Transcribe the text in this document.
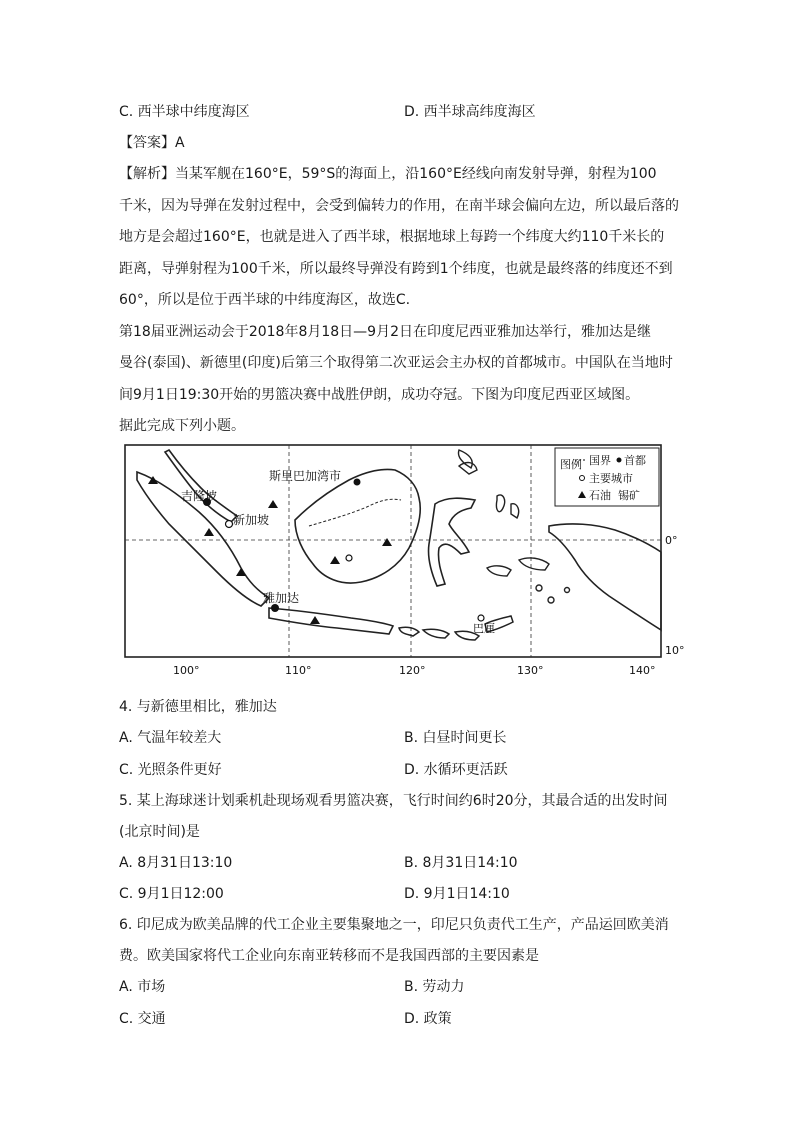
C. 西半球中纬度海区	D. 西半球高纬度海区
【答案】A
【解析】当某军舰在160°E，59°S的海面上，沿160°E经线向南发射导弹，射程为100
千米，因为导弹在发射过程中，会受到偏转力的作用，在南半球会偏向左边，所以最后落的
地方是会超过160°E，也就是进入了西半球，根据地球上每跨一个纬度大约110千米长的
距离，导弹射程为100千米，所以最终导弹没有跨到1个纬度，也就是最终落的纬度还不到
60°，所以是位于西半球的中纬度海区，故选C.
第18届亚洲运动会于2018年8月18日—9月2日在印度尼西亚雅加达举行，雅加达是继
曼谷(泰国)、新德里(印度)后第三个取得第二次亚运会主办权的首都城市。中国队在当地时
间9月1日19:30开始的男篮决赛中战胜伊朗，成功夺冠。下图为印度尼西亚区域图。
据此完成下列小题。
吉隆坡
新加坡
斯里巴加湾市
雅加达
巴厘
图例 国界 首都
主要城市
石油 锡矿
0°
10°
100°	110°	120°	130°	140°
4. 与新德里相比，雅加达
A. 气温年较差大	B. 白昼时间更长
C. 光照条件更好	D. 水循环更活跃
5. 某上海球迷计划乘机赴现场观看男篮决赛，飞行时间约6时20分，其最合适的出发时间
(北京时间)是
A. 8月31日13:10	B. 8月31日14:10
C. 9月1日12:00	D. 9月1日14:10
6. 印尼成为欧美品牌的代工企业主要集聚地之一，印尼只负责代工生产，产品运回欧美消
费。欧美国家将代工企业向东南亚转移而不是我国西部的主要因素是
A. 市场	B. 劳动力
C. 交通	D. 政策
